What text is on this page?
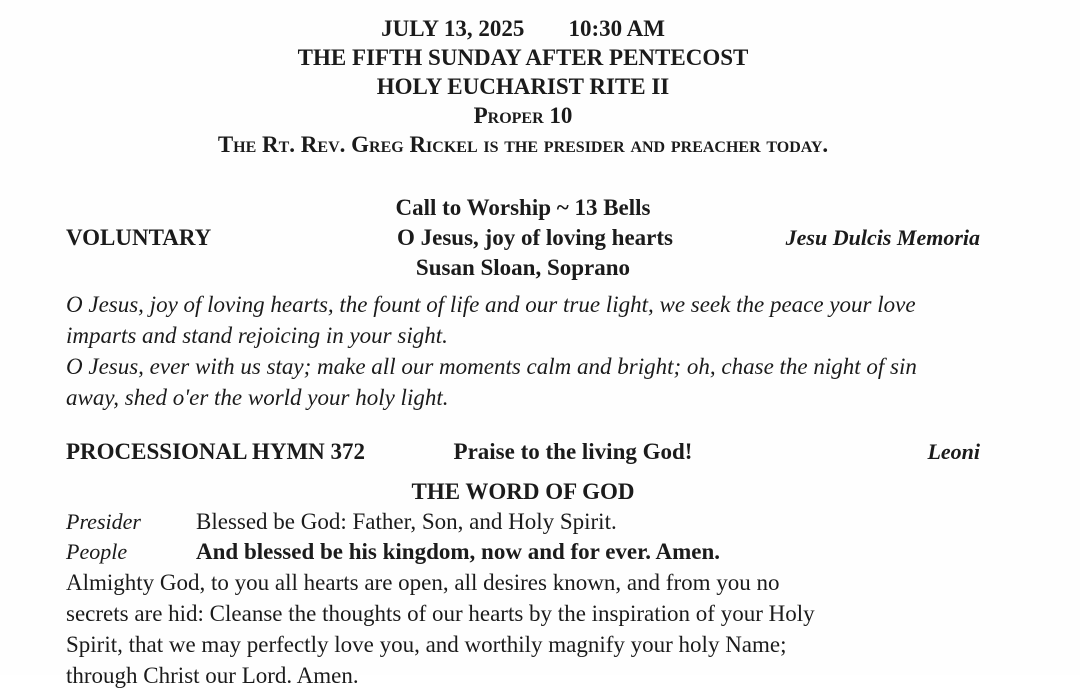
JULY 13, 2025 10:30 AM
THE FIFTH SUNDAY AFTER PENTECOST
HOLY EUCHARIST RITE II
Proper 10
The Rt. Rev. Greg Rickel is the presider and preacher today.
Call to Worship ~ 13 Bells
VOLUNTARY	O Jesus, joy of loving hearts	Jesu Dulcis Memoria
Susan Sloan, Soprano
O Jesus, joy of loving hearts, the fount of life and our true light, we seek the peace your love
imparts and stand rejoicing in your sight.
O Jesus, ever with us stay; make all our moments calm and bright; oh, chase the night of sin
away, shed o'er the world your holy light.
PROCESSIONAL HYMN 372	Praise to the living God!	Leoni
THE WORD OF GOD
Presider	Blessed be God: Father, Son, and Holy Spirit.
People	And blessed be his kingdom, now and for ever. Amen.
Almighty God, to you all hearts are open, all desires known, and from you no
secrets are hid: Cleanse the thoughts of our hearts by the inspiration of your Holy
Spirit, that we may perfectly love you, and worthily magnify your holy Name;
through Christ our Lord. Amen.
